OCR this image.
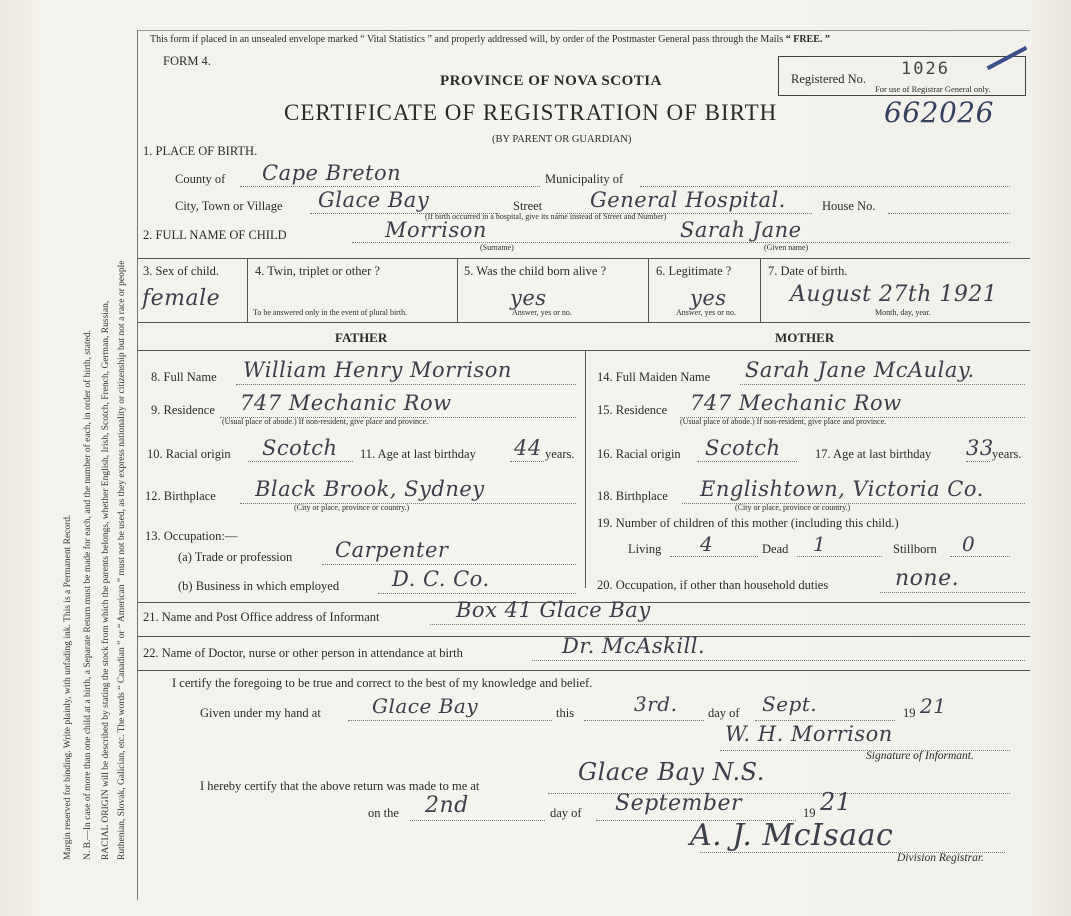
Margin reserved for binding. Write plainly, with unfading ink. This is a Permanent Record. N. B.—In case of more than one child at a birth, a Separate Return must be made for each, and the number of each, in order of birth, stated. RACIAL ORIGIN will be described by stating the stock from which the parents belongs, whether English, Irish, Scotch, French, German, Russian, Ruthenian, Slovak, Galician, etc. The words “ Canadian ” or “ American ” must not be used, as they express nationality or citizenship but not a race or people
This form if placed in an unsealed envelope marked “ Vital Statistics ” and properly addressed will, by order of the Postmaster General pass through the Mails “ FREE. ”
FORM 4.
Registered No. 1026
For use of Registrar General only.
PROVINCE OF NOVA SCOTIA
CERTIFICATE OF REGISTRATION OF BIRTH	662026
(BY PARENT OR GUARDIAN)
1. PLACE OF BIRTH.
County of Cape Breton	Municipality of
City, Town or Village Glace Bay	Street General Hospital.	House No.
(If birth occurred in a hospital, give its name instead of Street and Number)
2. FULL NAME OF CHILD	Morrison
(Surname)
Sarah Jane
(Given name)
3. Sex of child.
female
4. Twin, triplet or other ?
To be answered only in the event of plural birth.
5. Was the child born alive ?
yes
Answer, yes or no.
6. Legitimate ?
yes
Answer, yes or no.
7. Date of birth.
August 27th 1921
Month, day, year.
FATHER	MOTHER
8. Full Name William Henry Morrison
9. Residence 747 Mechanic Row
(Usual place of abode.) If non-resident, give place and province.
10. Racial origin Scotch 11. Age at last birthday 44 years.
12. Birthplace Black Brook, Sydney
(City or place, province or country.)
13. Occupation:—
(a) Trade or profession Carpenter
(b) Business in which employed	D. C. Co.
14. Full Maiden Name Sarah Jane McAulay.
15. Residence 747 Mechanic Row
(Usual place of abode.) If non-resident, give place and province.
16. Racial origin Scotch	17. Age at last birthday 33
years.
18. Birthplace Englishtown, Victoria Co.
(City or place, province or country.)
19. Number of children of this mother (including this child.)
Living 4	Dead 1	Stillborn 0
20. Occupation, if other than household duties	none.
21. Name and Post Office address of Informant	Box 41 Glace Bay
22. Name of Doctor, nurse or other person in attendance at birth	Dr. McAskill.
I certify the foregoing to be true and correct to the best of my knowledge and belief.
Given under my hand at	Glace Bay	this	3rd. day of Sept.	19 21
W. H. Morrison
Signature of Informant.
I hereby certify that the above return was made to me at	Glace Bay N.S.
on the 2nd	day of September	19 21
A. J. McIsaac
Division Registrar.
